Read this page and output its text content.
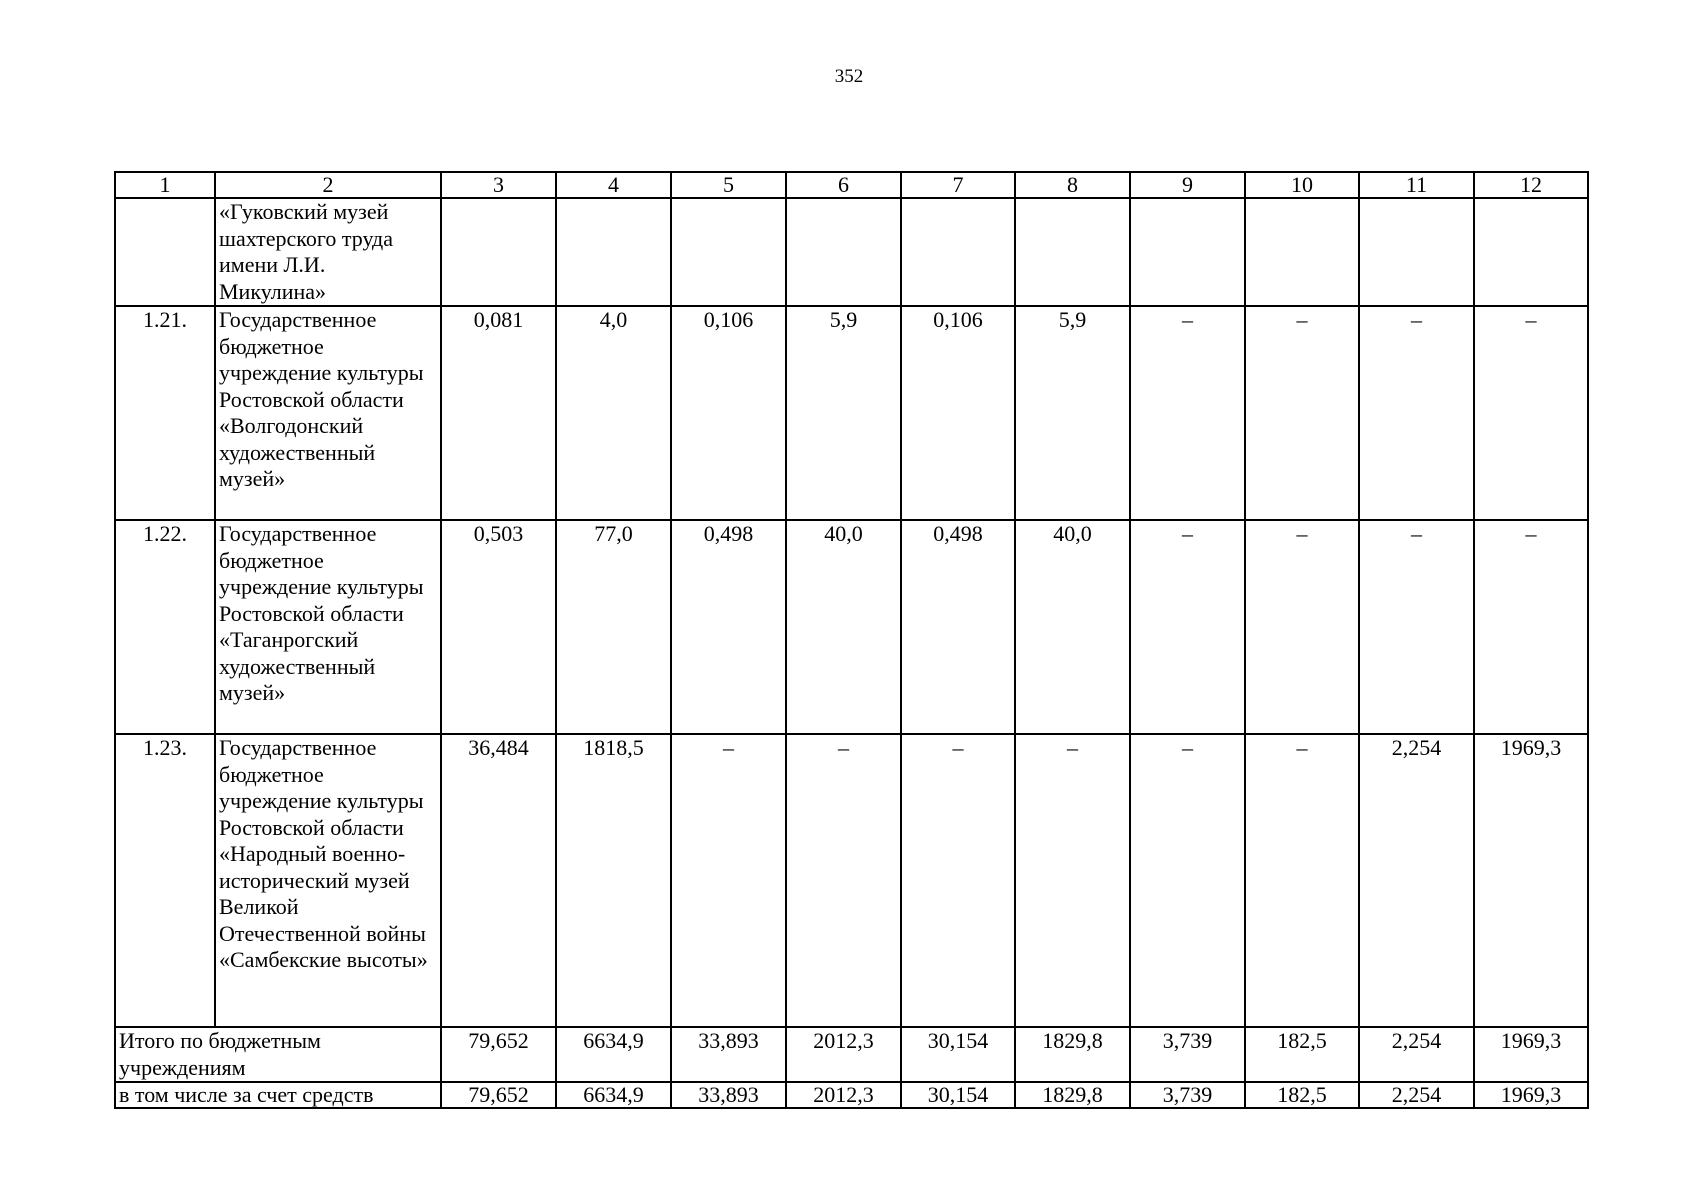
352
1	2	3	4	5	6	7	8	9	10	11	12
	«Гуковский музей шахтерского труда имени Л.И. Микулина»										
1.21.	Государственное бюджетное учреждение культуры Ростовской области «Волгодонский художественный музей»	0,081	4,0	0,106	5,9	0,106	5,9	–	–	–	–
1.22.	Государственное бюджетное учреждение культуры Ростовской области «Таганрогский художественный музей»	0,503	77,0	0,498	40,0	0,498	40,0	–	–	–	–
1.23.	Государственное бюджетное учреждение культуры Ростовской области «Народный военно-исторический музей Великой Отечественной войны «Самбекские высоты»	36,484	1818,5	–	–	–	–	–	–	2,254	1969,3
Итого по бюджетным учреждениям		79,652	6634,9	33,893	2012,3	30,154	1829,8	3,739	182,5	2,254	1969,3
в том числе за счет средств		79,652	6634,9	33,893	2012,3	30,154	1829,8	3,739	182,5	2,254	1969,3
